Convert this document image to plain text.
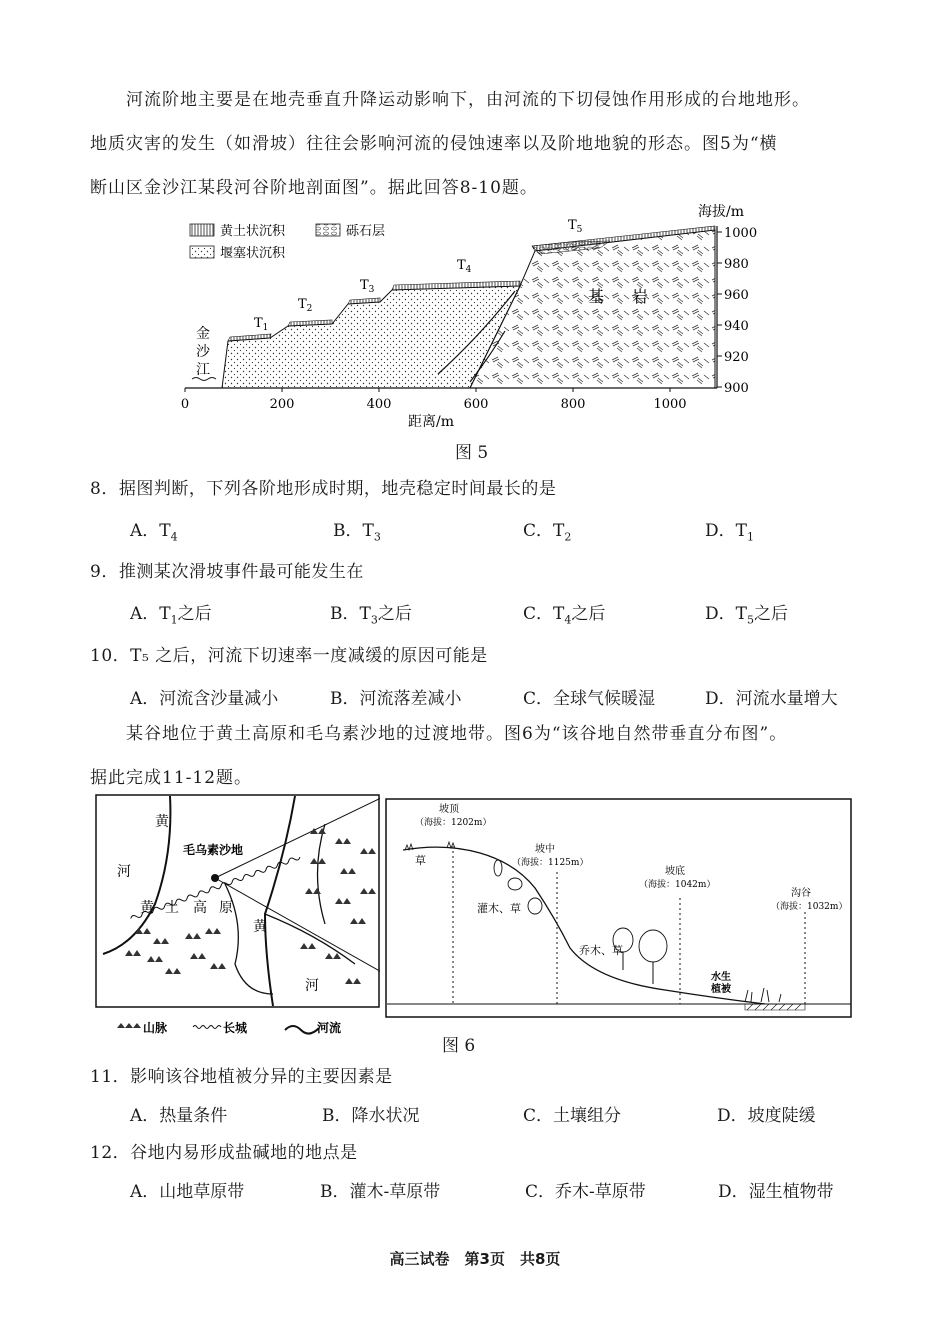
河流阶地主要是在地壳垂直升降运动影响下，由河流的下切侵蚀作用形成的台地地形。
地质灾害的发生（如滑坡）往往会影响河流的侵蚀速率以及阶地地貌的形态。图5为“横
断山区金沙江某段河谷阶地剖面图”。据此回答8-10题。
黄土状沉积	砾石层
堰塞状沉积
1000
980
960
940
920
900
0	200	400	600	800	1000
海拔/m
距离/m
金
沙
江
基 岩
$T_1$
$T_2$
$T_3$
$T_4$
$T_5$
图 5
8．据图判断，下列各阶地形成时期，地壳稳定时间最长的是
A．$T_4$	B．$T_3$	C．$T_2$	D．$T_1$
9．推测某次滑坡事件最可能发生在
A．$T_1$之后	B．$T_3$之后	C．$T_4$之后	D．$T_5$之后
10．T₅ 之后，河流下切速率一度减缓的原因可能是
A．河流含沙量减小	B．河流落差减小	C．全球气候暖湿	D．河流水量增大
某谷地位于黄土高原和毛乌素沙地的过渡地带。图6为“该谷地自然带垂直分布图”。
据此完成11-12题。
黄
河
毛乌素沙地
黄 土 高 原
黄
河
山脉	长城	河流
坡顶
（海拔：1202m）
坡中
（海拔：1125m）
坡底
（海拔：1042m）
沟谷
（海拔：1032m）
草
灌木、草
乔木、草
水生
植被
图 6
11．影响该谷地植被分异的主要因素是
A．热量条件	B．降水状况	C．土壤组分	D．坡度陡缓
12．谷地内易形成盐碱地的地点是
A．山地草原带	B．灌木-草原带	C．乔木-草原带	D．湿生植物带
高三试卷　第3页　共8页
